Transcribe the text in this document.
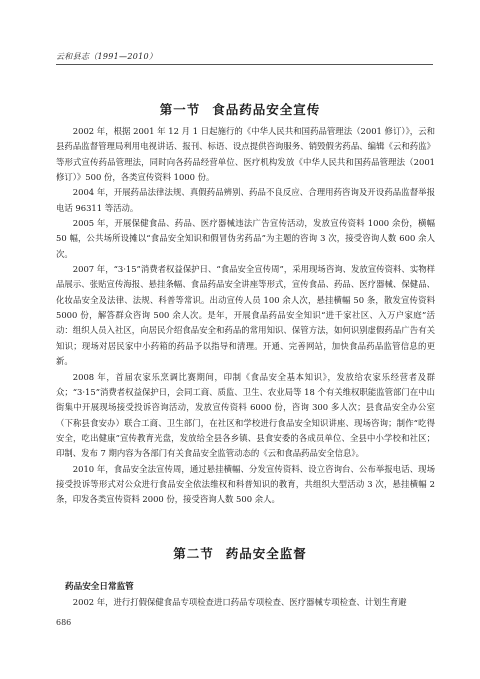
云和县志（1991—2010）
第一节 食品药品安全宣传

2002 年，根据 2001 年 12 月 1 日起施行的《中华人民共和国药品管理法（2001 修订）》，云和县药品监督管理局利用电视讲话、报刊、标语、设点提供咨询服务、销毁假劣药品、编辑《云和药监》等形式宣传药品管理法，同时向各药品经营单位、医疗机构发放《中华人民共和国药品管理法（2001 修订）》500 份，各类宣传资料 1000 份。

2004 年，开展药品法律法规、真假药品辨别、药品不良反应、合理用药咨询及开设药品监督举报电话 96311 等活动。

2005 年，开展保健食品、药品、医疗器械违法广告宣传活动，发放宣传资料 1000 余份，横幅 50 幅，公共场所设摊以“食品安全知识和假冒伪劣药品”为主题的咨询 3 次，接受咨询人数 600 余人次。

2007 年，“3·15”消费者权益保护日、“食品安全宣传周”，采用现场咨询、发放宣传资料、实物样品展示、张贴宣传海报、悬挂条幅、食品药品安全讲座等形式，宣传食品、药品、医疗器械、保健品、化妆品安全及法律、法规、科普等常识。出动宣传人员 100 余人次，悬挂横幅 50 条，散发宣传资料 5000 份，解答群众咨询 500 余人次。是年，开展食品药品安全知识“进千家社区、入万户家庭”活动：组织人员入社区，向居民介绍食品安全和药品的常用知识、保管方法，如何识别虚假药品广告有关知识；现场对居民家中小药箱的药品予以指导和清理。开通、完善网站，加快食品药品监管信息的更新。

2008 年，首届农家乐烹调比赛期间，印制《食品安全基本知识》，发放给农家乐经营者及群众；“3·15”消费者权益保护日，会同工商、质监、卫生、农业局等 18 个有关维权职能监管部门在中山街集中开展现场接受投诉咨询活动，发放宣传资料 6000 份，咨询 300 多人次；县食品安全办公室（下称县食安办）联合工商、卫生部门，在社区和学校进行食品安全知识讲座、现场咨询；制作“吃得安全，吃出健康”宣传教育光盘，发放给全县各乡镇、县食安委的各成员单位、全县中小学校和社区；印制、发布 7 期内容为各部门有关食品安全监管动态的《云和食品药品安全信息》。

2010 年，食品安全法宣传周，通过悬挂横幅、分发宣传资料、设立咨询台、公布举报电话、现场接受投诉等形式对公众进行食品安全依法维权和科普知识的教育，共组织大型活动 3 次，悬挂横幅 2 条，印发各类宣传资料 2000 份，接受咨询人数 500 余人。

第二节 药品安全监督
药品安全日常监管

2002 年，进行打假保健食品专项检查进口药品专项检查、医疗器械专项检查、计划生育避

686
